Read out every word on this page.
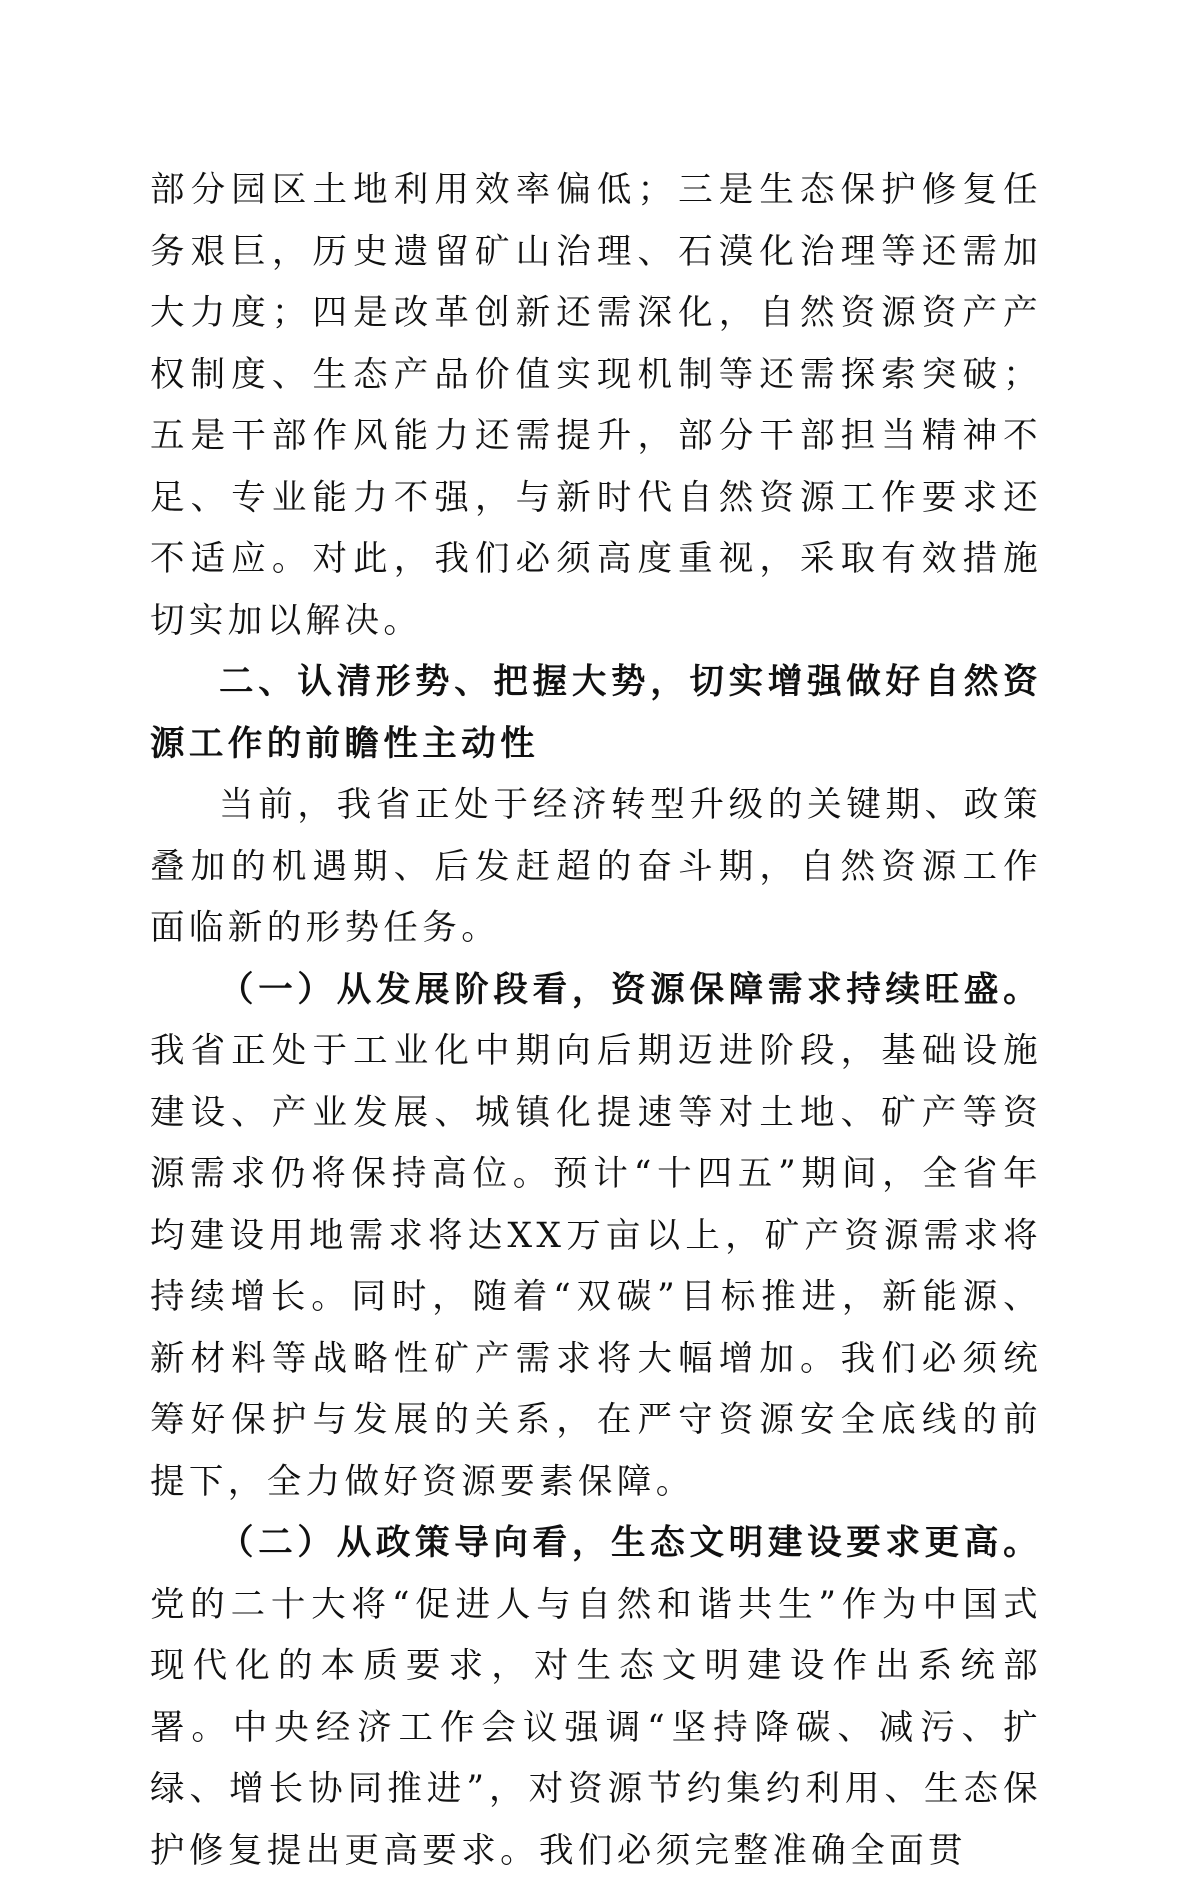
部分园区土地利用效率偏低；三是生态保护修复任务艰巨，历史遗留矿山治理、石漠化治理等还需加大力度；四是改革创新还需深化，自然资源资产产权制度、生态产品价值实现机制等还需探索突破；五是干部作风能力还需提升，部分干部担当精神不足、专业能力不强，与新时代自然资源工作要求还不适应。对此，我们必须高度重视，采取有效措施切实加以解决。

二、认清形势、把握大势，切实增强做好自然资源工作的前瞻性主动性

当前，我省正处于经济转型升级的关键期、政策叠加的机遇期、后发赶超的奋斗期，自然资源工作面临新的形势任务。

（一）从发展阶段看，资源保障需求持续旺盛。我省正处于工业化中期向后期迈进阶段，基础设施建设、产业发展、城镇化提速等对土地、矿产等资源需求仍将保持高位。预计“十四五”期间，全省年均建设用地需求将达XX万亩以上，矿产资源需求将持续增长。同时，随着“双碳”目标推进，新能源、新材料等战略性矿产需求将大幅增加。我们必须统筹好保护与发展的关系，在严守资源安全底线的前提下，全力做好资源要素保障。

（二）从政策导向看，生态文明建设要求更高。党的二十大将“促进人与自然和谐共生”作为中国式现代化的本质要求，对生态文明建设作出系统部署。中央经济工作会议强调“坚持降碳、减污、扩绿、增长协同推进”，对资源节约集约利用、生态保护修复提出更高要求。我们必须完整准确全面贯
